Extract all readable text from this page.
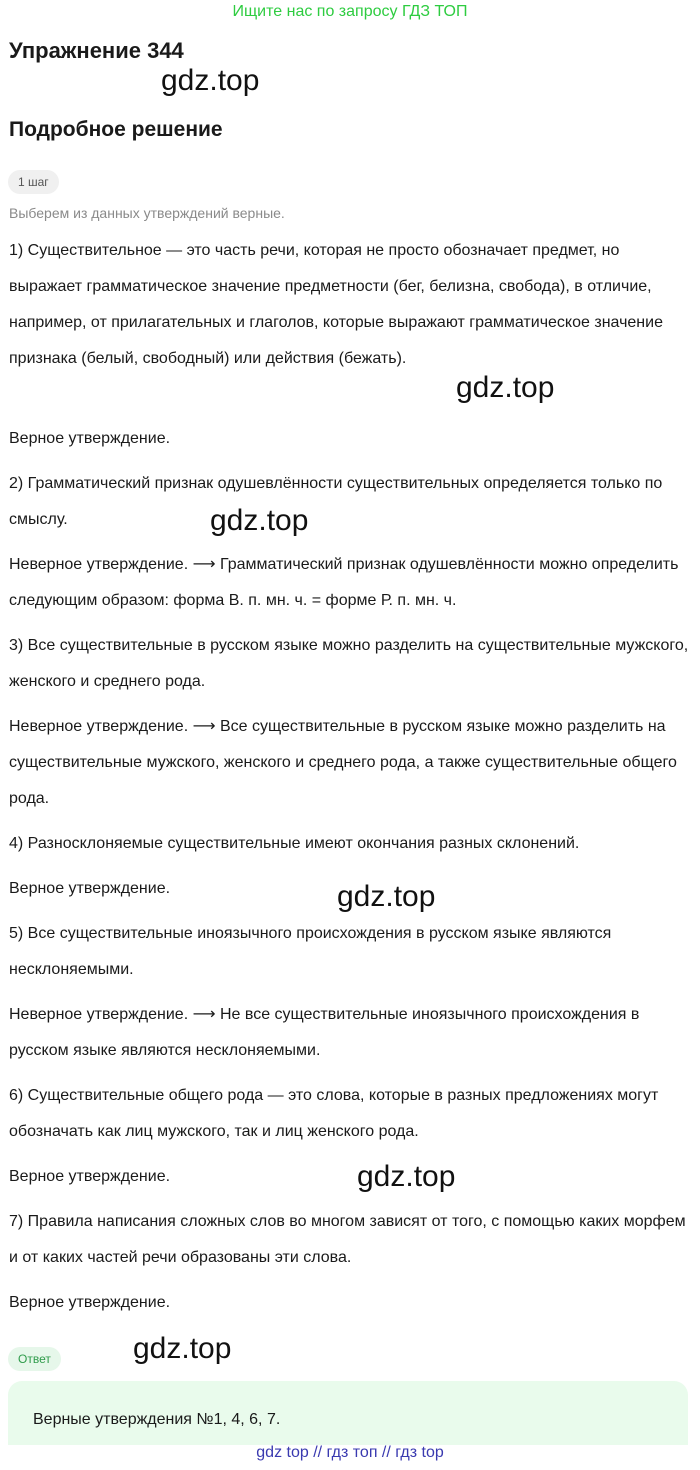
Ищите нас по запросу ГДЗ ТОП
Упражнение 344
gdz.top
Подробное решение
1 шаг
Выберем из данных утверждений верные.
1) Существительное — это часть речи, которая не просто обозначает предмет, но выражает грамматическое значение предметности (бег, белизна, свобода), в отличие, например, от прилагательных и глаголов, которые выражают грамматическое значение признака (белый, свободный) или действия (бежать).
gdz.top
Верное утверждение.
2) Грамматический признак одушевлённости существительных определяется только по смыслу.	gdz.top
Неверное утверждение. ⟶ Грамматический признак одушевлённости можно определить следующим образом: форма В. п. мн. ч. = форме Р. п. мн. ч.
3) Все существительные в русском языке можно разделить на существительные мужского, женского и среднего рода.
Неверное утверждение. ⟶ Все существительные в русском языке можно разделить на существительные мужского, женского и среднего рода, а также существительные общего рода.
4) Разносклоняемые существительные имеют окончания разных склонений.
Верное утверждение.	gdz.top
5) Все существительные иноязычного происхождения в русском языке являются несклоняемыми.
Неверное утверждение. ⟶ Не все существительные иноязычного происхождения в русском языке являются несклоняемыми.
6) Существительные общего рода — это слова, которые в разных предложениях могут обозначать как лиц мужского, так и лиц женского рода.
Верное утверждение.	gdz.top
7) Правила написания сложных слов во многом зависят от того, с помощью каких морфем и от каких частей речи образованы эти слова.
Верное утверждение.
Ответ	gdz.top
Верные утверждения №1, 4, 6, 7.
gdz top // гдз топ // гдз top
